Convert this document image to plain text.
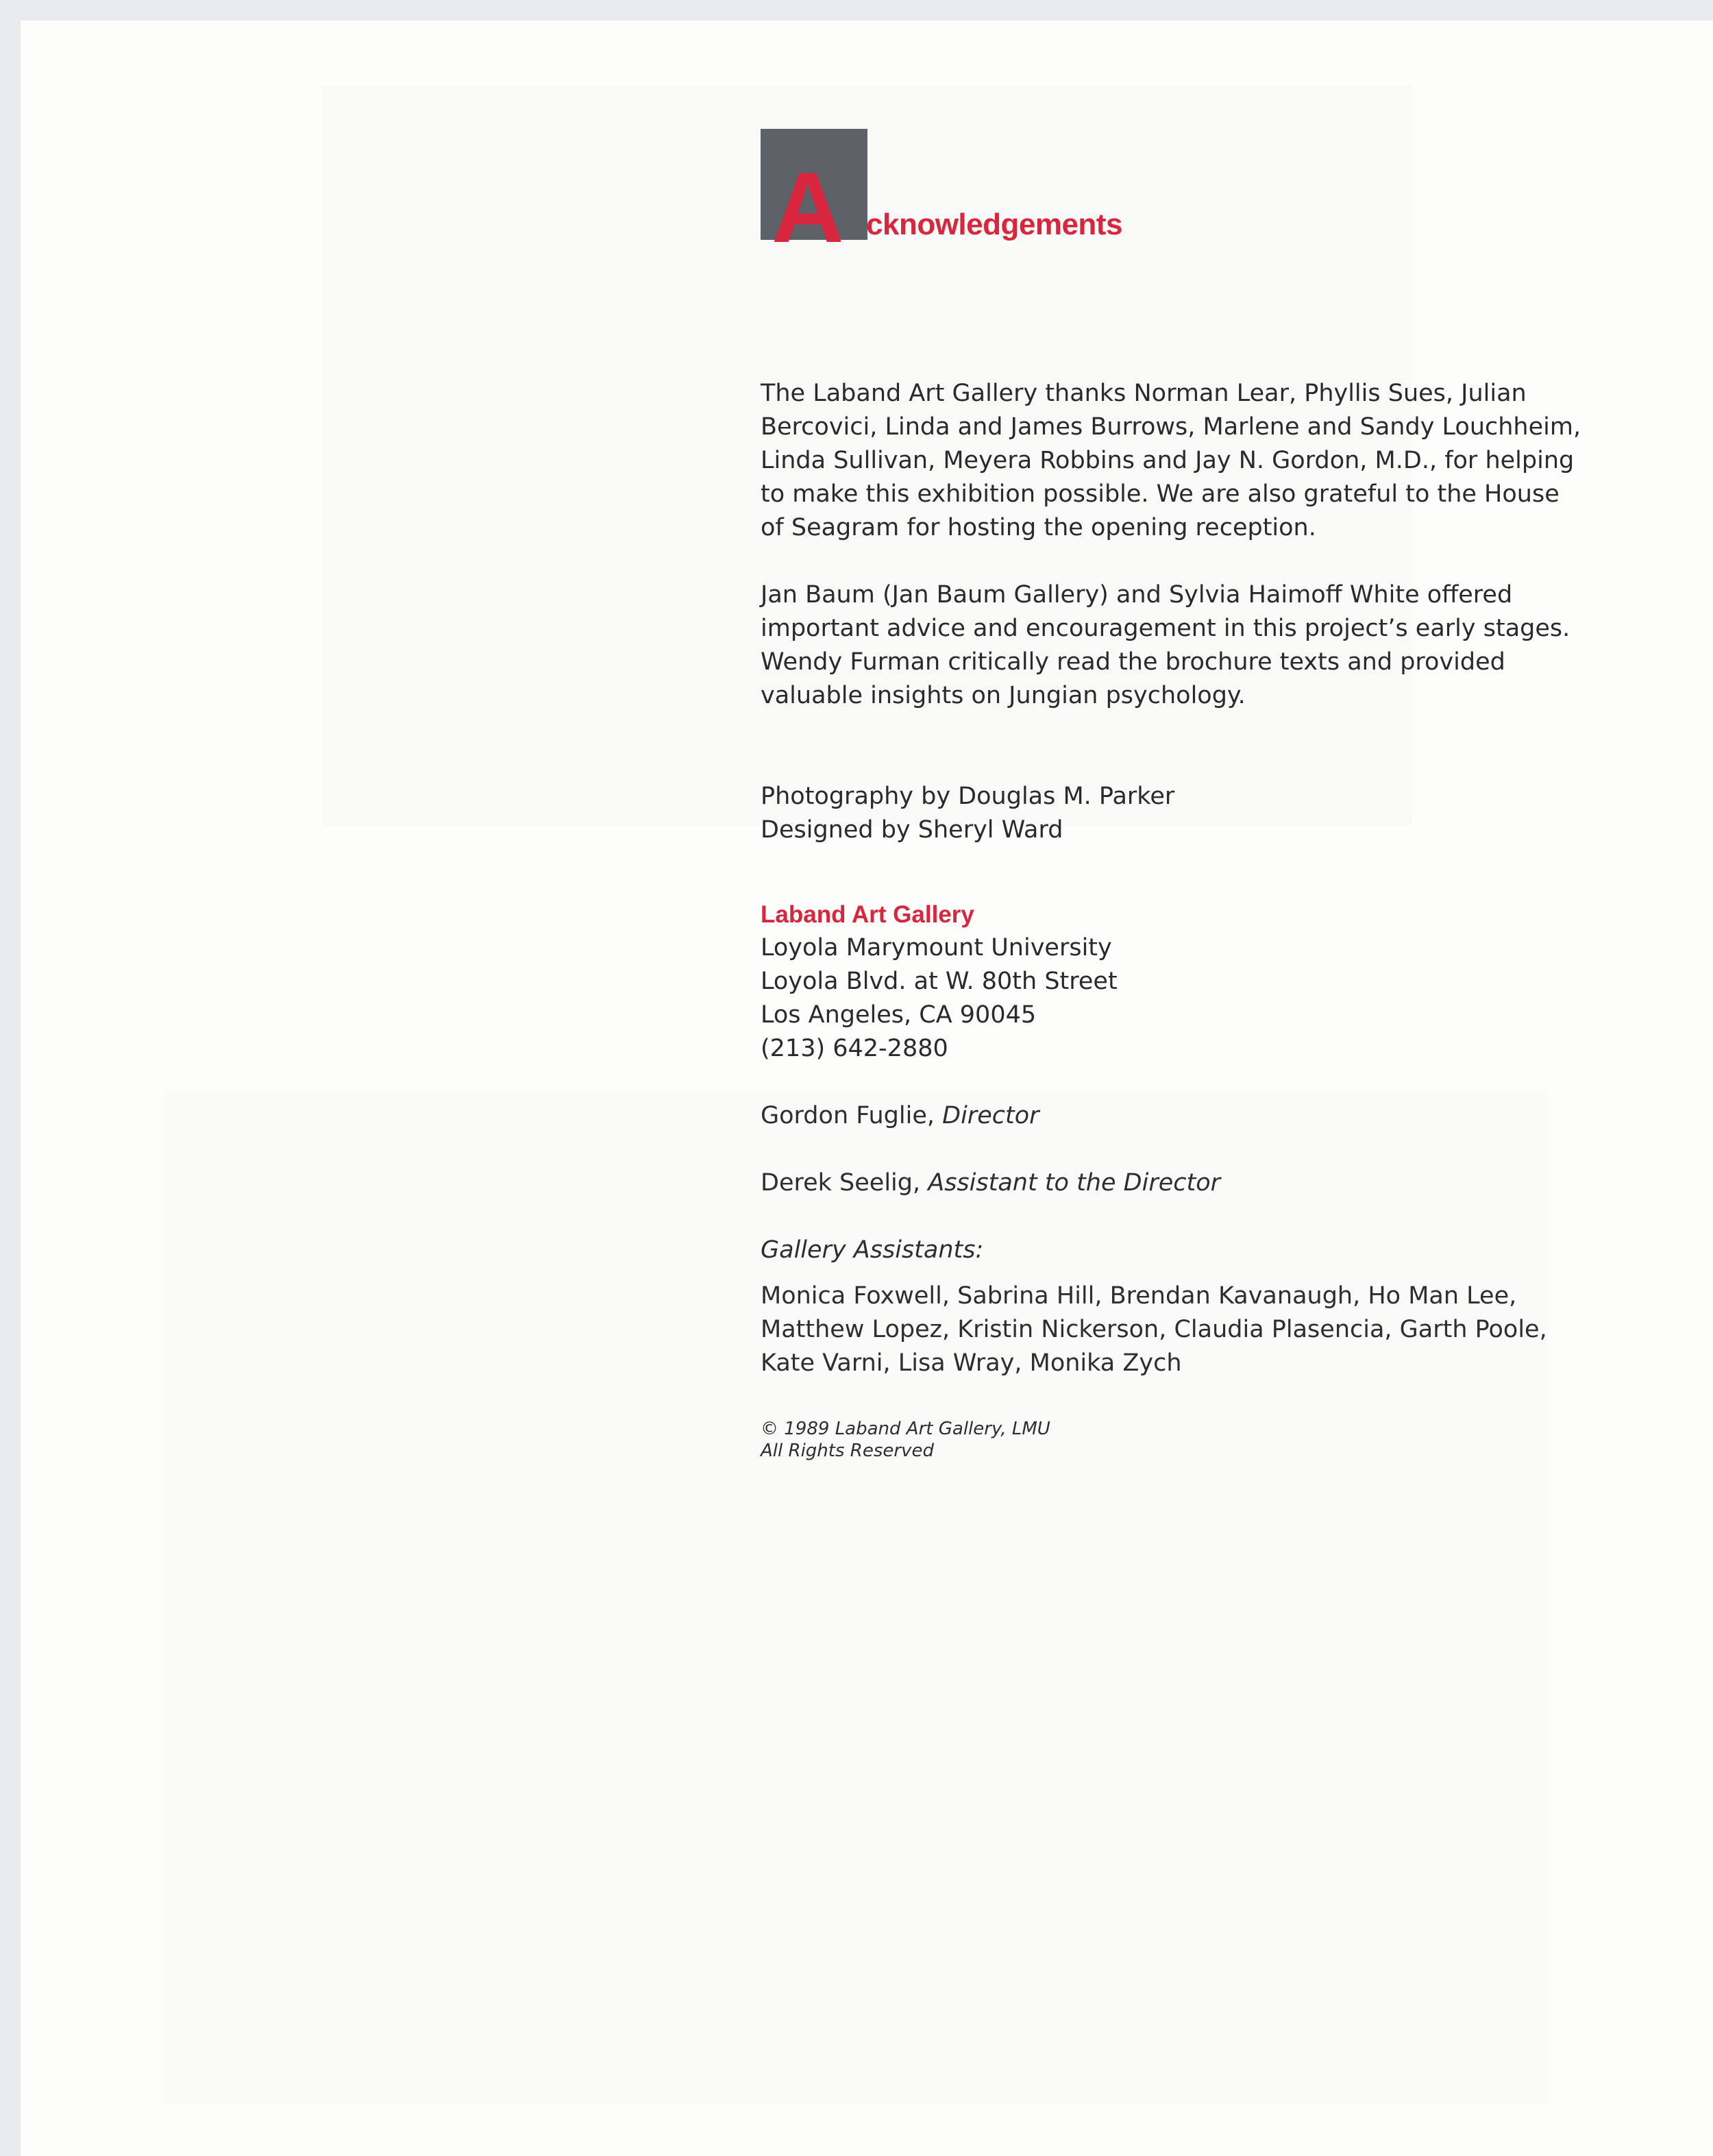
A cknowledgements

The Laband Art Gallery thanks Norman Lear, Phyllis Sues, Julian Bercovici, Linda and James Burrows, Marlene and Sandy Louchheim, Linda Sullivan, Meyera Robbins and Jay N. Gordon, M.D., for helping to make this exhibition possible. We are also grateful to the House of Seagram for hosting the opening reception.

Jan Baum (Jan Baum Gallery) and Sylvia Haimoff White offered important advice and encouragement in this project’s early stages. Wendy Furman critically read the brochure texts and provided valuable insights on Jungian psychology.

Photography by Douglas M. Parker
Designed by Sheryl Ward

Laband Art Gallery
Loyola Marymount University
Loyola Blvd. at W. 80th Street
Los Angeles, CA 90045
(213) 642-2880

Gordon Fuglie, Director
Derek Seelig, Assistant to the Director
Gallery Assistants:

Monica Foxwell, Sabrina Hill, Brendan Kavanaugh, Ho Man Lee, Matthew Lopez, Kristin Nickerson, Claudia Plasencia, Garth Poole, Kate Varni, Lisa Wray, Monika Zych

© 1989 Laband Art Gallery, LMU
All Rights Reserved
